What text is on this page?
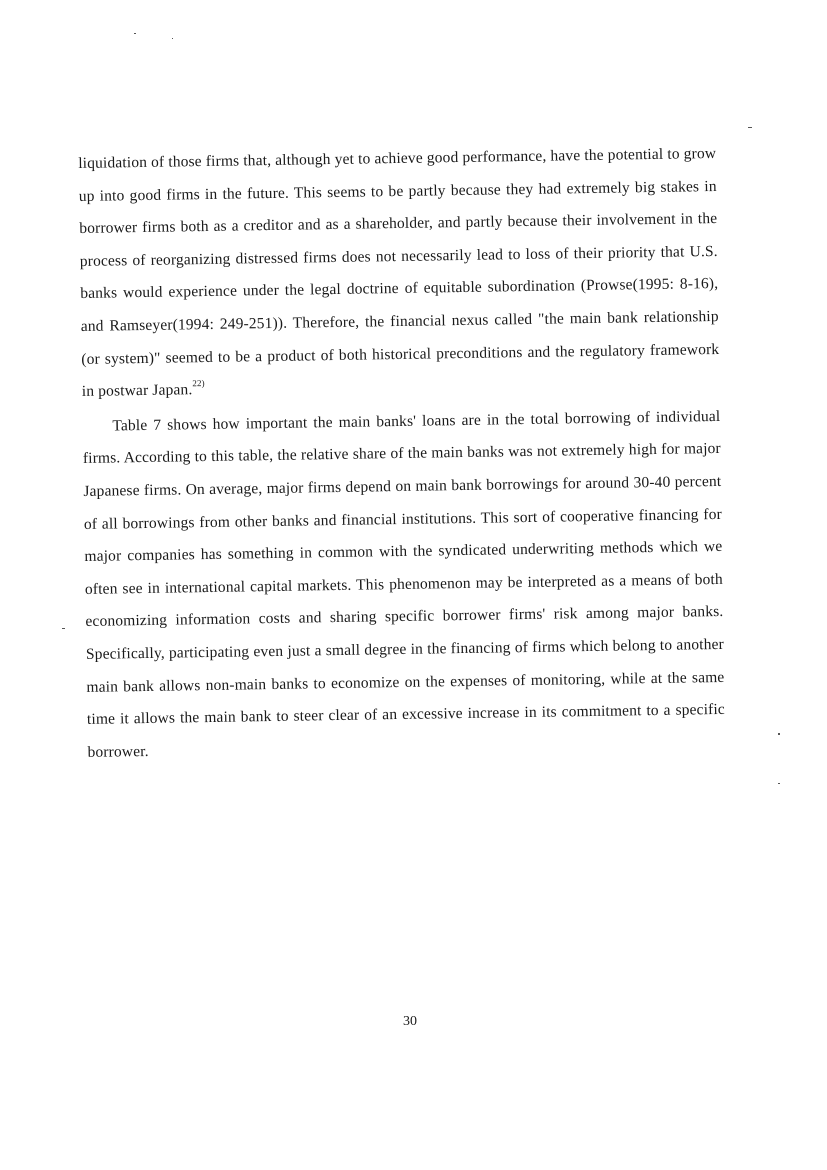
liquidation of those firms that, although yet to achieve good performance, have the potential to grow up into good firms in the future. This seems to be partly because they had extremely big stakes in borrower firms both as a creditor and as a shareholder, and partly because their involvement in the process of reorganizing distressed firms does not necessarily lead to loss of their priority that U.S. banks would experience under the legal doctrine of equitable subordination (Prowse(1995: 8-16), and Ramseyer(1994: 249-251)). Therefore, the financial nexus called "the main bank relationship (or system)" seemed to be a product of both historical preconditions and the regulatory framework in postwar Japan.$^{22)}$

Table 7 shows how important the main banks' loans are in the total borrowing of individual firms. According to this table, the relative share of the main banks was not extremely high for major Japanese firms. On average, major firms depend on main bank borrowings for around 30-40 percent of all borrowings from other banks and financial institutions. This sort of cooperative financing for major companies has something in common with the syndicated underwriting methods which we often see in international capital markets. This phenomenon may be interpreted as a means of both economizing information costs and sharing specific borrower firms' risk among major banks. Specifically, participating even just a small degree in the financing of firms which belong to another main bank allows non-main banks to economize on the expenses of monitoring, while at the same time it allows the main bank to steer clear of an excessive increase in its commitment to a specific borrower.

30
